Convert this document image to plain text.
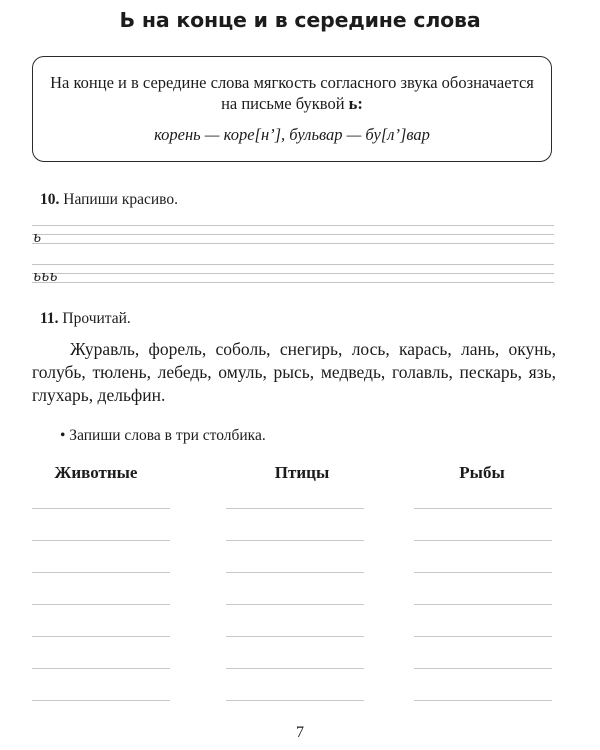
Ь на конце и в середине слова
На конце и в середине слова мягкость согласного звука обозначается на письме буквой ь:
корень — коре[н’], бульвар — бу[л’]вар
10. Напиши красиво.
ь
ььь
11. Прочитай.
Журавль, форель, соболь, снегирь, лось, карась, лань, окунь, голубь, тюлень, лебедь, омуль, рысь, медведь, голавль, пескарь, язь, глухарь, дельфин.
• Запиши слова в три столбика.
Животные	Птицы	Рыбы
7
